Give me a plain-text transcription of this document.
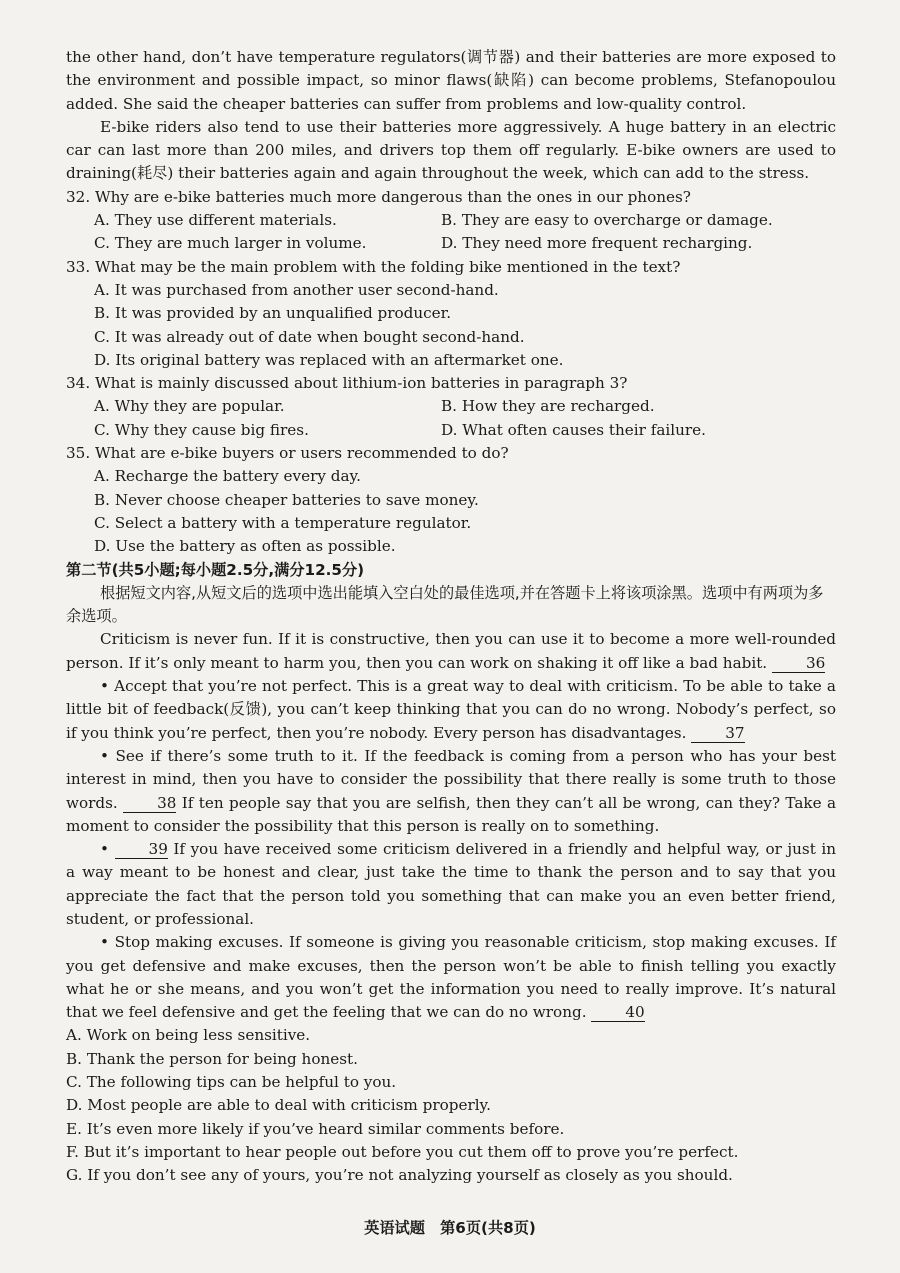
the other hand, don’t have temperature regulators(调节器) and their batteries are more exposed to the environment and possible impact, so minor flaws(缺陷) can become problems, Stefanopoulou added. She said the cheaper batteries can suffer from problems and low-quality control.

E-bike riders also tend to use their batteries more aggressively. A huge battery in an electric car can last more than 200 miles, and drivers top them off regularly. E-bike owners are used to draining(耗尽) their batteries again and again throughout the week, which can add to the stress.

32. Why are e-bike batteries much more dangerous than the ones in our phones?

A. They use different materials.	B. They are easy to overcharge or damage.
C. They are much larger in volume.	D. They need more frequent recharging.

33. What may be the main problem with the folding bike mentioned in the text?

A. It was purchased from another user second-hand.

B. It was provided by an unqualified producer.

C. It was already out of date when bought second-hand.

D. Its original battery was replaced with an aftermarket one.

34. What is mainly discussed about lithium-ion batteries in paragraph 3?

A. Why they are popular.	B. How they are recharged.
C. Why they cause big fires.	D. What often causes their failure.

35. What are e-bike buyers or users recommended to do?

A. Recharge the battery every day.

B. Never choose cheaper batteries to save money.

C. Select a battery with a temperature regulator.

D. Use the battery as often as possible.

第二节(共5小题;每小题2.5分,满分12.5分)

根据短文内容,从短文后的选项中选出能填入空白处的最佳选项,并在答题卡上将该项涂黑。选项中有两项为多余选项。

Criticism is never fun. If it is constructive, then you can use it to become a more well-rounded person. If it’s only meant to harm you, then you can work on shaking it off like a bad habit.	36

• Accept that you’re not perfect. This is a great way to deal with criticism. To be able to take a little bit of feedback(反馈), you can’t keep thinking that you can do no wrong. Nobody’s perfect, so if you think you’re perfect, then you’re nobody. Every person has disadvantages.	37

• See if there’s some truth to it. If the feedback is coming from a person who has your best interest in mind, then you have to consider the possibility that there really is some truth to those words.	38 If ten people say that you are selfish, then they can’t all be wrong, can they? Take a moment to consider the possibility that this person is really on to something.

•	39 If you have received some criticism delivered in a friendly and helpful way, or just in a way meant to be honest and clear, just take the time to thank the person and to say that you appreciate the fact that the person told you something that can make you an even better friend, student, or professional.

• Stop making excuses. If someone is giving you reasonable criticism, stop making excuses. If you get defensive and make excuses, then the person won’t be able to finish telling you exactly what he or she means, and you won’t get the information you need to really improve. It’s natural that we feel defensive and get the feeling that we can do no wrong.	40

A. Work on being less sensitive.

B. Thank the person for being honest.

C. The following tips can be helpful to you.

D. Most people are able to deal with criticism properly.

E. It’s even more likely if you’ve heard similar comments before.

F. But it’s important to hear people out before you cut them off to prove you’re perfect.

G. If you don’t see any of yours, you’re not analyzing yourself as closely as you should.

英语试题　第6页(共8页)
